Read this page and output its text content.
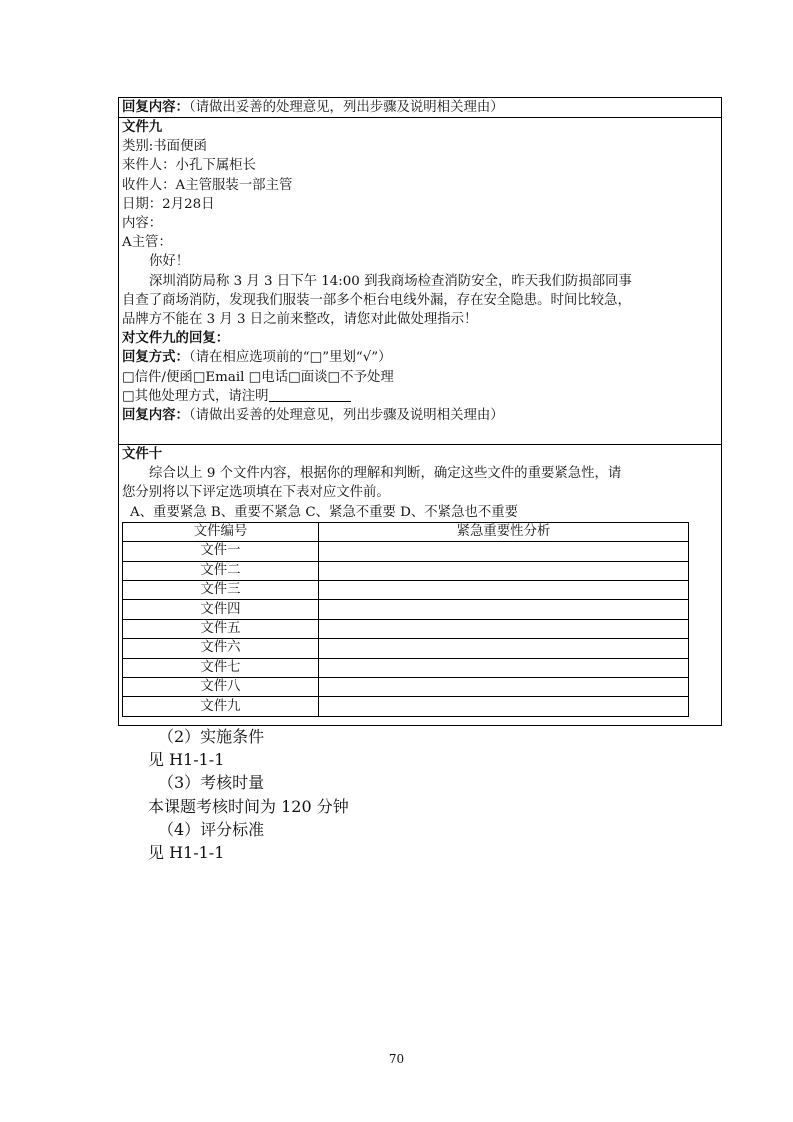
回复内容：（请做出妥善的处理意见，列出步骤及说明相关理由）
文件九
类别:书面便函
来件人：小孔下属柜长
收件人：A主管服装一部主管
日期：2月28日
内容：
A主管：
你好！
深圳消防局称 3 月 3 日下午 14:00 到我商场检查消防安全，昨天我们防损部同事
自查了商场消防，发现我们服装一部多个柜台电线外漏，存在安全隐患。时间比较急，
品牌方不能在 3 月 3 日之前来整改，请您对此做处理指示！
对文件九的回复：
回复方式：（请在相应选项前的“□”里划“√”）
□信件/便函□Email □电话□面谈□不予处理
□其他处理方式，请注明
回复内容：（请做出妥善的处理意见，列出步骤及说明相关理由）
文件十
综合以上 9 个文件内容，根据你的理解和判断，确定这些文件的重要紧急性，请
您分别将以下评定选项填在下表对应文件前。
A、重要紧急 B、重要不紧急 C、紧急不重要 D、不紧急也不重要
文件编号	紧急重要性分析
文件一	
文件二	
文件三	
文件四	
文件五	
文件六	
文件七	
文件八	
文件九	
（2）实施条件
见 H1-1-1
（3）考核时量
本课题考核时间为 120 分钟
（4）评分标准
见 H1-1-1
70
